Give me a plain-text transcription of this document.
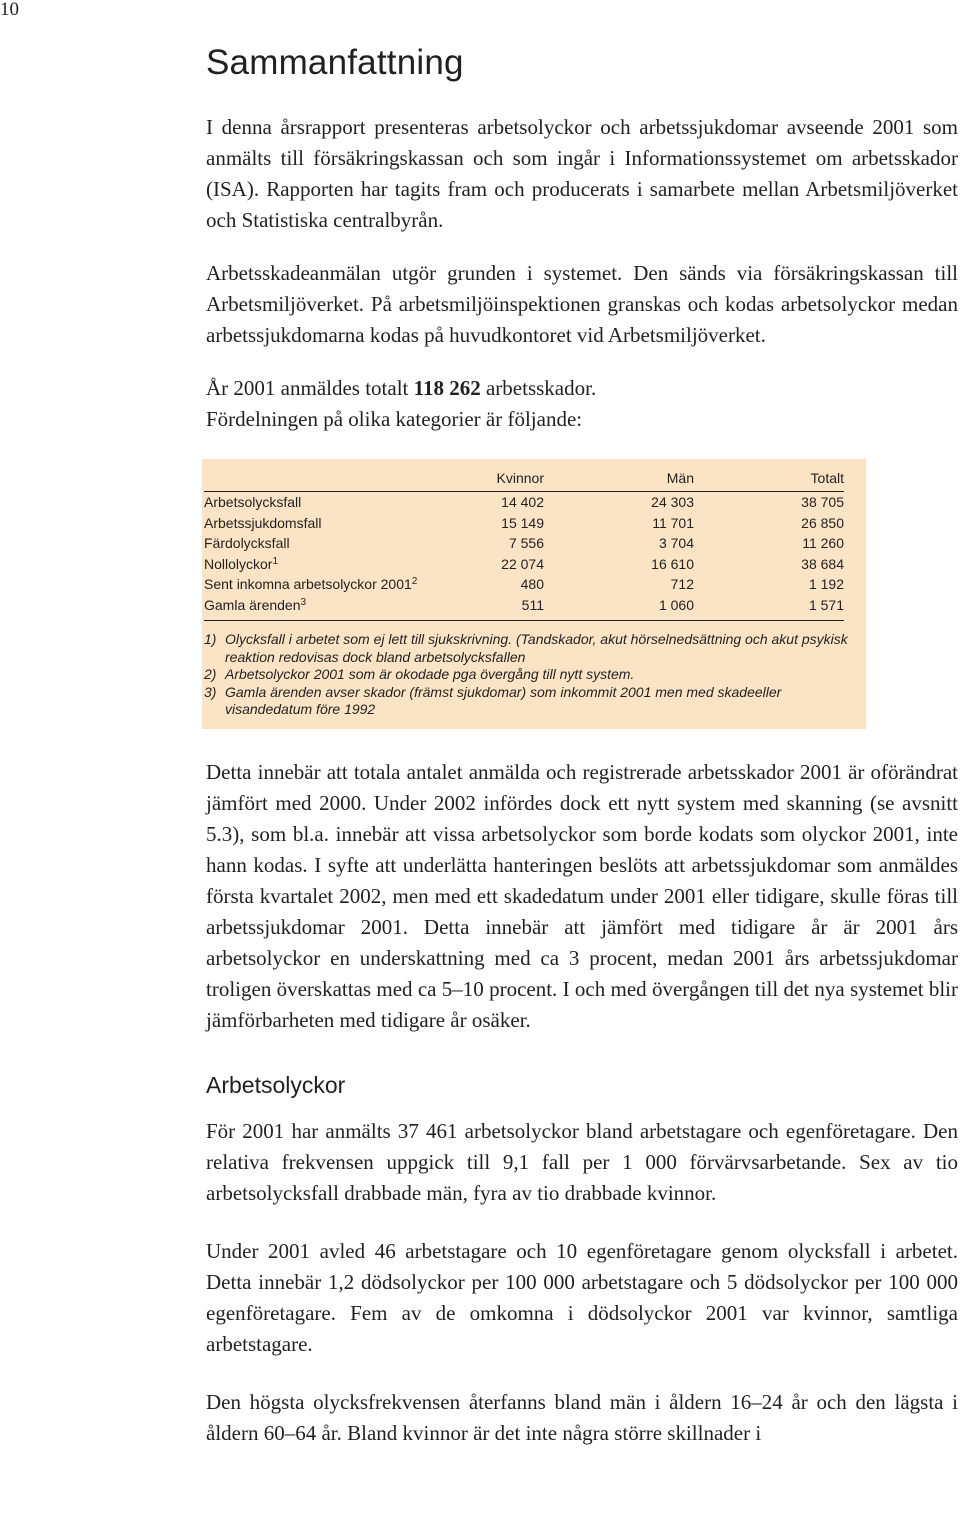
10
Sammanfattning

I denna årsrapport presenteras arbetsolyckor och arbetssjukdomar avseende 2001 som anmälts till försäkringskassan och som ingår i Informationssystemet om arbetsskador (ISA). Rapporten har tagits fram och producerats i samarbete mellan Arbetsmiljöverket och Statistiska centralbyrån.

Arbetsskadeanmälan utgör grunden i systemet. Den sänds via försäkringskassan till Arbetsmiljöverket. På arbetsmiljöinspektionen granskas och kodas arbetsolyckor medan arbetssjukdomarna kodas på huvudkontoret vid Arbetsmiljöverket.

År 2001 anmäldes totalt 118 262 arbetsskador.

Fördelningen på olika kategorier är följande:

	Kvinnor	Män	Totalt
Arbetsolycksfall	14 402	24 303	38 705
Arbetssjukdomsfall	15 149	11 701	26 850
Färdolycksfall	7 556	3 704	11 260
Nollolyckor$^1$	22 074	16 610	38 684
Sent inkomna arbetsolyckor 2001$^2$	480	712	1 192
Gamla ärenden$^3$	511	1 060	1 571
1) Olycksfall i arbetet som ej lett till sjukskrivning. (Tandskador, akut hörselnedsättning och akut psykisk reaktion redovisas dock bland arbetsolycksfallen
2) Arbetsolyckor 2001 som är okodade pga övergång till nytt system.
3) Gamla ärenden avser skador (främst sjukdomar) som inkommit 2001 men med skadeeller visandedatum före 1992

Detta innebär att totala antalet anmälda och registrerade arbetsskador 2001 är oförändrat jämfört med 2000. Under 2002 infördes dock ett nytt system med skanning (se avsnitt 5.3), som bl.a. innebär att vissa arbetsolyckor som borde kodats som olyckor 2001, inte hann kodas. I syfte att underlätta hanteringen beslöts att arbetssjukdomar som anmäldes första kvartalet 2002, men med ett skadedatum under 2001 eller tidigare, skulle föras till arbetssjukdomar 2001. Detta innebär att jämfört med tidigare år är 2001 års arbetsolyckor en underskattning med ca 3 procent, medan 2001 års arbetssjukdomar troligen överskattas med ca 5–10 procent. I och med övergången till det nya systemet blir jämförbarheten med tidigare år osäker.

Arbetsolyckor

För 2001 har anmälts 37 461 arbetsolyckor bland arbetstagare och egenföretagare. Den relativa frekvensen uppgick till 9,1 fall per 1 000 förvärvsarbetande. Sex av tio arbetsolycksfall drabbade män, fyra av tio drabbade kvinnor.

Under 2001 avled 46 arbetstagare och 10 egenföretagare genom olycksfall i arbetet. Detta innebär 1,2 dödsolyckor per 100 000 arbetstagare och 5 dödsolyckor per 100 000 egenföretagare. Fem av de omkomna i dödsolyckor 2001 var kvinnor, samtliga arbetstagare.

Den högsta olycksfrekvensen återfanns bland män i åldern 16–24 år och den lägsta i åldern 60–64 år. Bland kvinnor är det inte några större skillnader i
